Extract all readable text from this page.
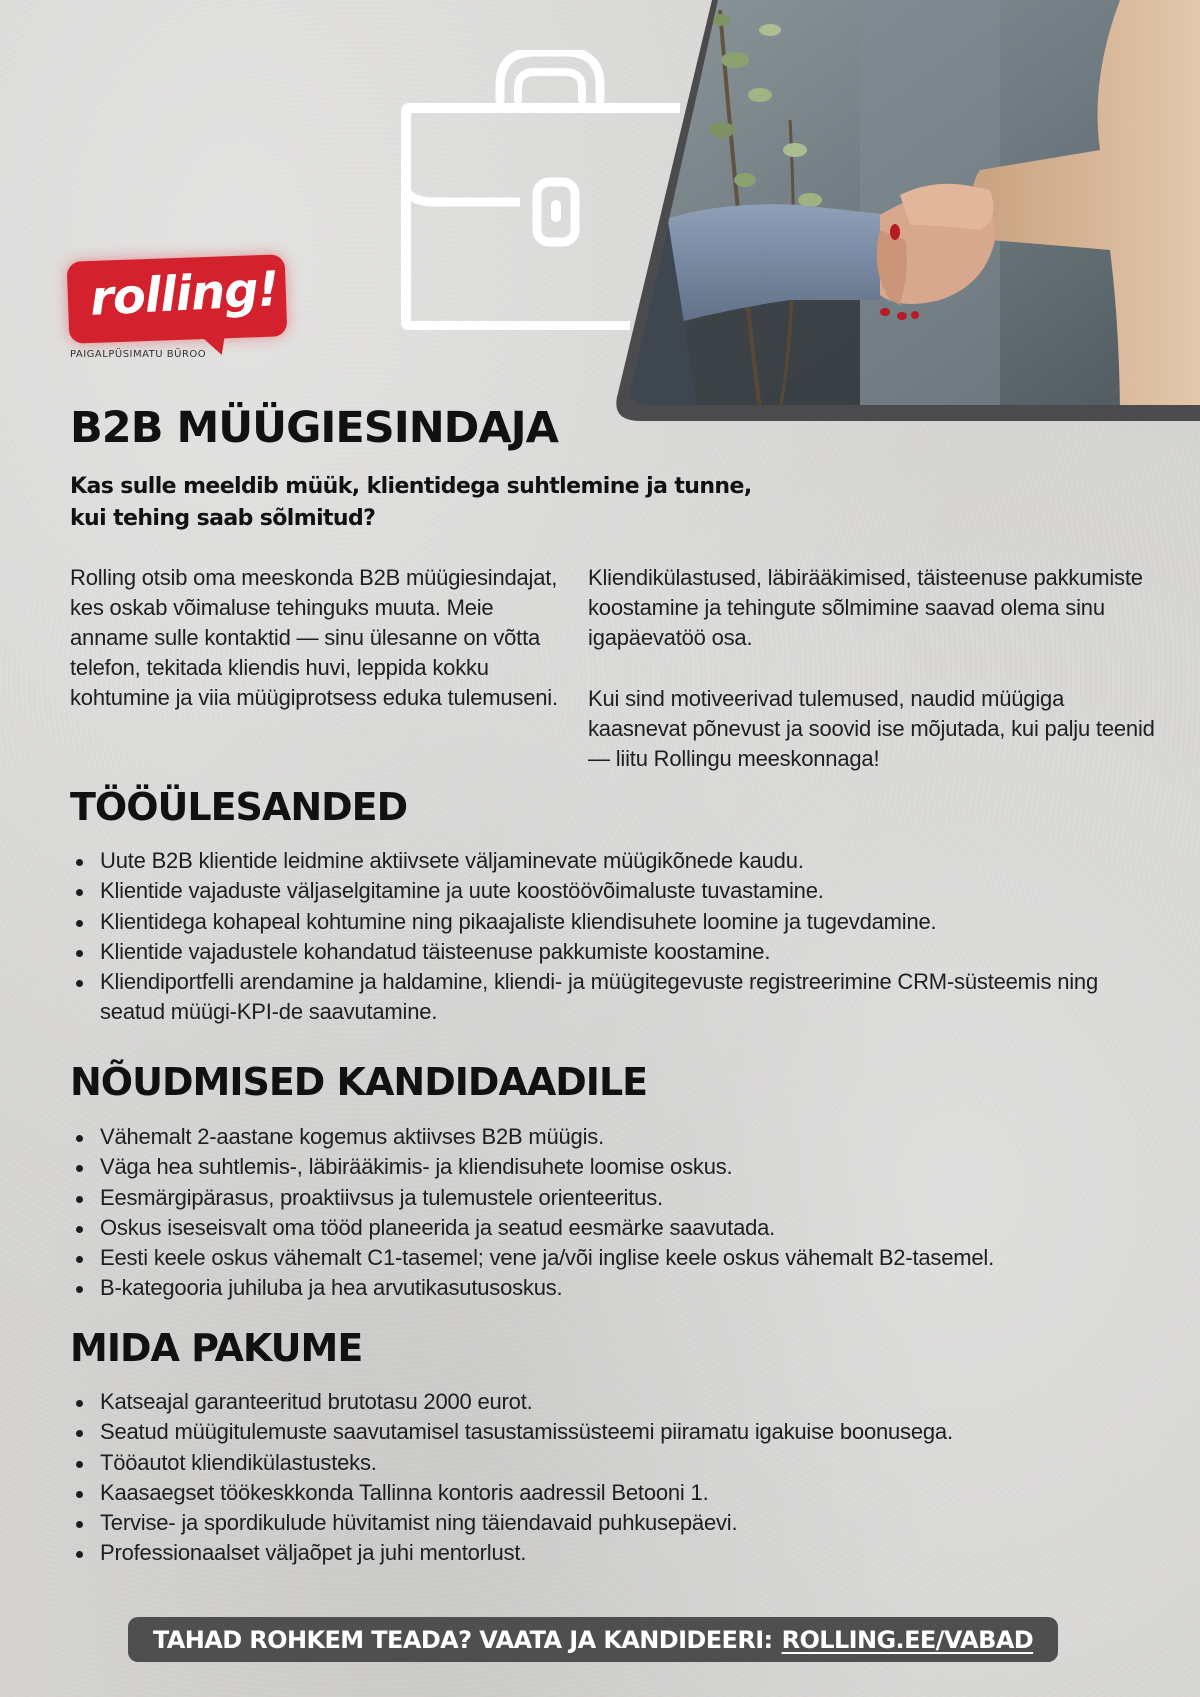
rolling!
PAIGALPÜSIMATU BÜROO
B2B MÜÜGIESINDAJA

Kas sulle meeldib müük, klientidega suhtlemine ja tunne, kui tehing saab sõlmitud?

Rolling otsib oma meeskonda B2B müügiesindajat, kes oskab võimaluse tehinguks muuta. Meie anname sulle kontaktid — sinu ülesanne on võtta telefon, tekitada kliendis huvi, leppida kokku kohtumine ja viia müügiprotsess eduka tulemuseni.

Kliendikülastused, läbirääkimised, täisteenuse pakkumiste koostamine ja tehingute sõlmimine saavad olema sinu igapäevatöö osa.

Kui sind motiveerivad tulemused, naudid müügiga kaasnevat põnevust ja soovid ise mõjutada, kui palju teenid — liitu Rollingu meeskonnaga!

TÖÖÜLESANDED
Uute B2B klientide leidmine aktiivsete väljaminevate müügikõnede kaudu.
Klientide vajaduste väljaselgitamine ja uute koostöövõimaluste tuvastamine.
Klientidega kohapeal kohtumine ning pikaajaliste kliendisuhete loomine ja tugevdamine.
Klientide vajadustele kohandatud täisteenuse pakkumiste koostamine.
Kliendiportfelli arendamine ja haldamine, kliendi- ja müügitegevuste registreerimine CRM-süsteemis ning seatud müügi-KPI-de saavutamine.
NÕUDMISED KANDIDAADILE
Vähemalt 2-aastane kogemus aktiivses B2B müügis.
Väga hea suhtlemis-, läbirääkimis- ja kliendisuhete loomise oskus.
Eesmärgipärasus, proaktiivsus ja tulemustele orienteeritus.
Oskus iseseisvalt oma tööd planeerida ja seatud eesmärke saavutada.
Eesti keele oskus vähemalt C1-tasemel; vene ja/või inglise keele oskus vähemalt B2-tasemel.
B-kategooria juhiluba ja hea arvutikasutusoskus.
MIDA PAKUME
Katseajal garanteeritud brutotasu 2000 eurot.
Seatud müügitulemuste saavutamisel tasustamissüsteemi piiramatu igakuise boonusega.
Tööautot kliendikülastusteks.
Kaasaegset töökeskkonda Tallinna kontoris aadressil Betooni 1.
Tervise- ja spordikulude hüvitamist ning täiendavaid puhkusepäevi.
Professionaalset väljaõpet ja juhi mentorlust.
TAHAD ROHKEM TEADA? VAATA JA KANDIDEERI: ROLLING.EE/VABAD
